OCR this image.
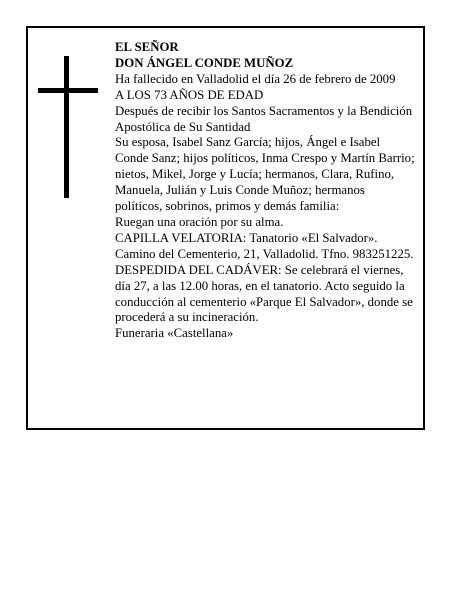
EL SEÑOR

DON ÁNGEL CONDE MUÑOZ

Ha fallecido en Valladolid el día 26 de febrero de 2009

A LOS 73 AÑOS DE EDAD

Después de recibir los Santos Sacramentos y la Bendición Apostólica de Su Santidad

Su esposa, Isabel Sanz García; hijos, Ángel e Isabel Conde Sanz; hijos políticos, Inma Crespo y Martín Barrio; nietos, Mikel, Jorge y Lucía; hermanos, Clara, Rufino, Manuela, Julián y Luis Conde Muñoz; hermanos políticos, sobrinos, primos y demás familia:

Ruegan una oración por su alma.

CAPILLA VELATORIA: Tanatorio «El Salvador». Camino del Cementerio, 21, Valladolid. Tfno. 983251225.

DESPEDIDA DEL CADÁVER: Se celebrará el viernes, día 27, a las 12.00 horas, en el tanatorio. Acto seguido la conducción al cementerio «Parque El Salvador», donde se procederá a su incineración.

Funeraria «Castellana»
